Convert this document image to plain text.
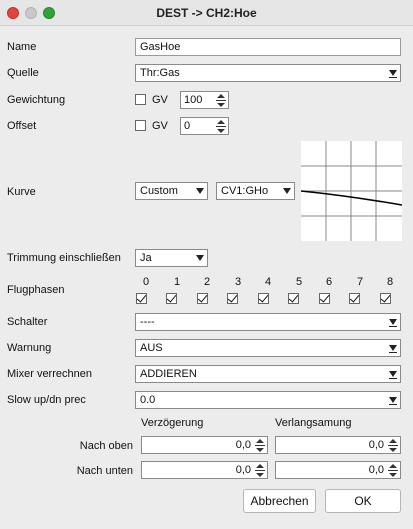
DEST -> CH2:Hoe
Name	GasHoe
Quelle	Thr:Gas
Gewichtung	GV 100
Offset	GV 0
Kurve	Custom	CV1:GHo
Trimmung einschließen Ja
Flugphasen
0 1 2 3 4 5 6 7 8
Schalter	----
Warnung	AUS
Mixer verrechnen	ADDIEREN
Slow up/dn prec	0.0
Verzögerung	Verlangsamung
Nach oben	0,0	0,0
Nach unten	0,0	0,0
Abbrechen	OK
